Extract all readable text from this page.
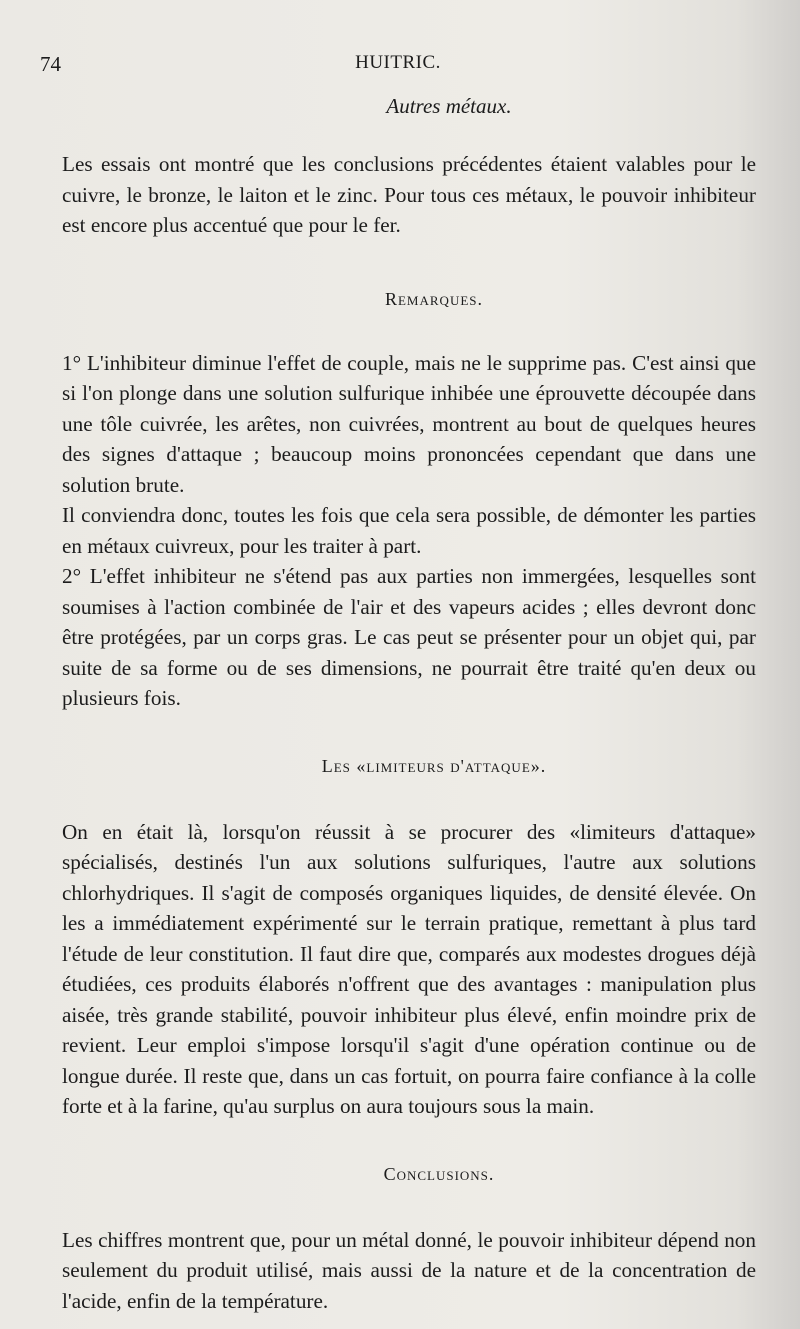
74	HUITRIC.
Autres métaux.

Les essais ont montré que les conclusions précédentes étaient valables pour le cuivre, le bronze, le laiton et le zinc. Pour tous ces métaux, le pouvoir inhibiteur est encore plus accentué que pour le fer.

Remarques.

1° L'inhibiteur diminue l'effet de couple, mais ne le supprime pas. C'est ainsi que si l'on plonge dans une solution sulfurique inhibée une éprouvette découpée dans une tôle cuivrée, les arêtes, non cuivrées, montrent au bout de quelques heures des signes d'attaque ; beaucoup moins prononcées cependant que dans une solution brute.

Il conviendra donc, toutes les fois que cela sera possible, de démonter les parties en métaux cuivreux, pour les traiter à part.

2° L'effet inhibiteur ne s'étend pas aux parties non immergées, lesquelles sont soumises à l'action combinée de l'air et des vapeurs acides ; elles devront donc être protégées, par un corps gras. Le cas peut se présenter pour un objet qui, par suite de sa forme ou de ses dimensions, ne pourrait être traité qu'en deux ou plusieurs fois.

Les «limiteurs d'attaque».

On en était là, lorsqu'on réussit à se procurer des «limiteurs d'attaque» spécialisés, destinés l'un aux solutions sulfuriques, l'autre aux solutions chlorhydriques. Il s'agit de composés organiques liquides, de densité élevée. On les a immédiatement expérimenté sur le terrain pratique, remettant à plus tard l'étude de leur constitution. Il faut dire que, comparés aux modestes drogues déjà étudiées, ces produits élaborés n'offrent que des avantages : manipulation plus aisée, très grande stabilité, pouvoir inhibiteur plus élevé, enfin moindre prix de revient. Leur emploi s'impose lorsqu'il s'agit d'une opération continue ou de longue durée. Il reste que, dans un cas fortuit, on pourra faire confiance à la colle forte et à la farine, qu'au surplus on aura toujours sous la main.

Conclusions.

Les chiffres montrent que, pour un métal donné, le pouvoir inhibiteur dépend non seulement du produit utilisé, mais aussi de la nature et de la concentration de l'acide, enfin de la température.
